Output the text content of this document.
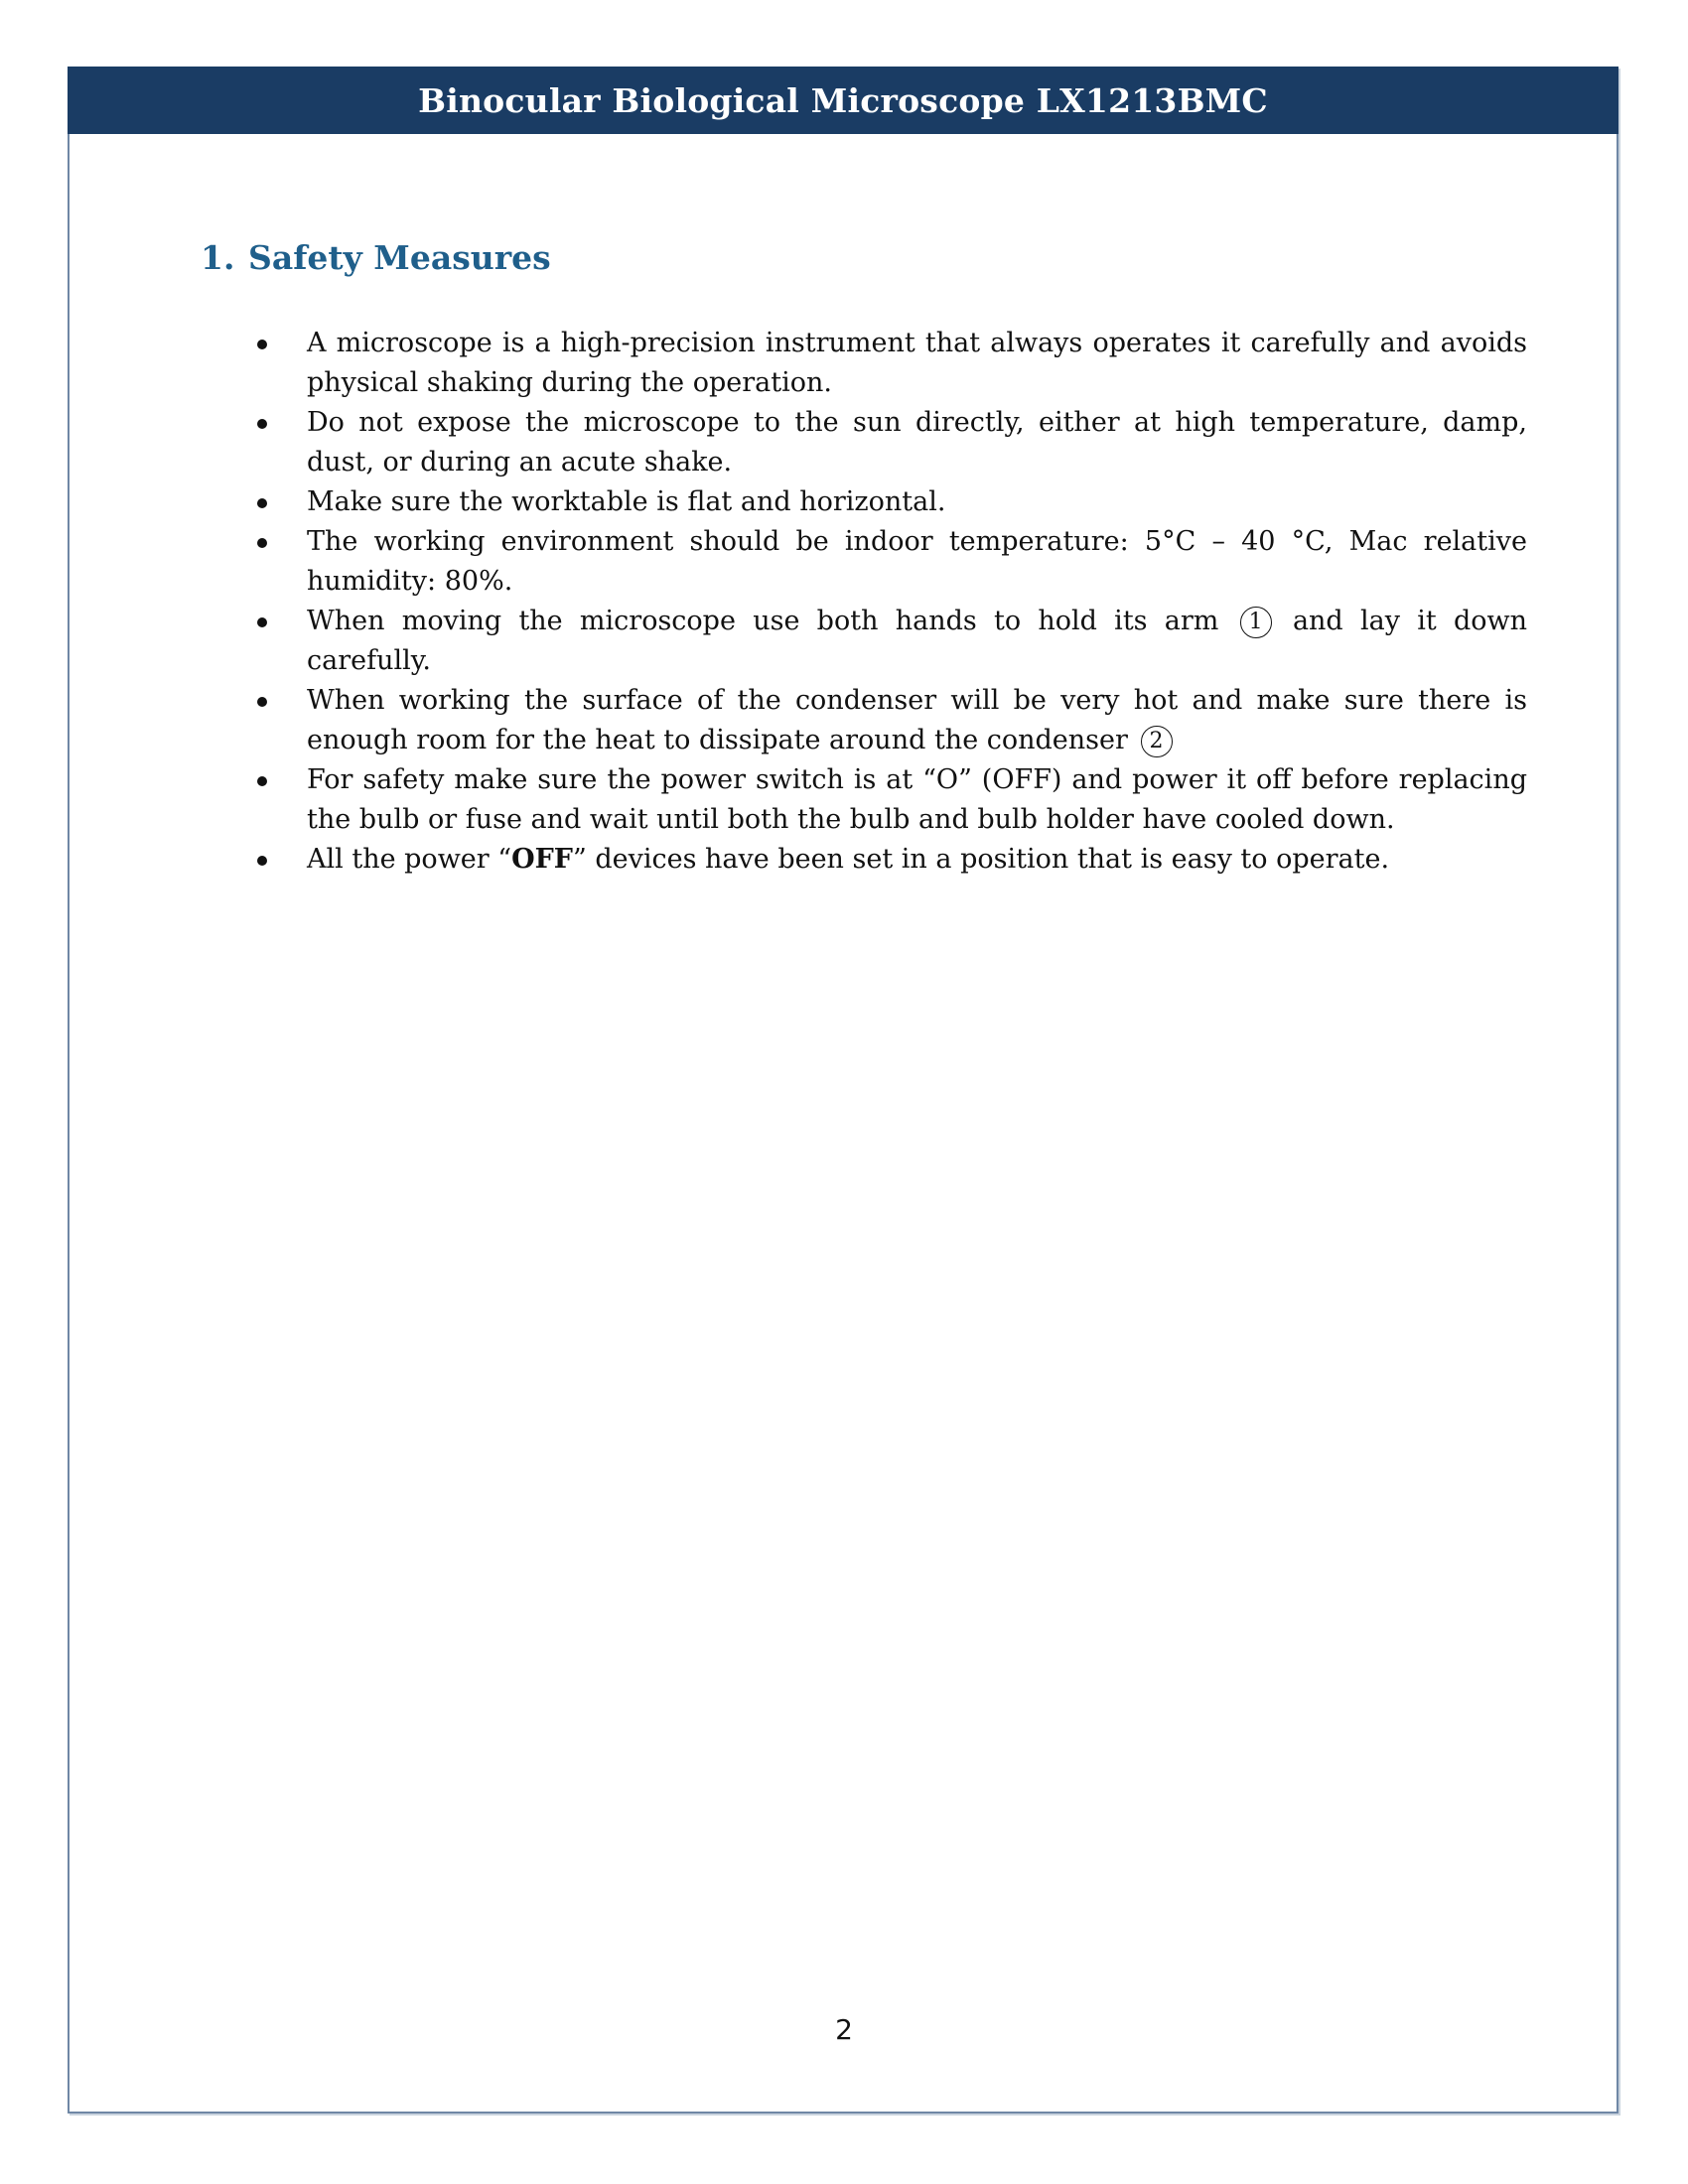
Binocular Biological Microscope LX1213BMC
1. Safety Measures
A microscope is a high-precision instrument that always operates it carefully and avoids physical shaking during the operation.
Do not expose the microscope to the sun directly, either at high temperature, damp, dust, or during an acute shake.
Make sure the worktable is flat and horizontal.
The working environment should be indoor temperature: 5°C – 40 °C, Mac relative humidity: 80%.
When moving the microscope use both hands to hold its arm 1 and lay it down carefully.
When working the surface of the condenser will be very hot and make sure there is enough room for the heat to dissipate around the condenser 2
For safety make sure the power switch is at “O” (OFF) and power it off before replacing the bulb or fuse and wait until both the bulb and bulb holder have cooled down.
All the power “OFF” devices have been set in a position that is easy to operate.
2
